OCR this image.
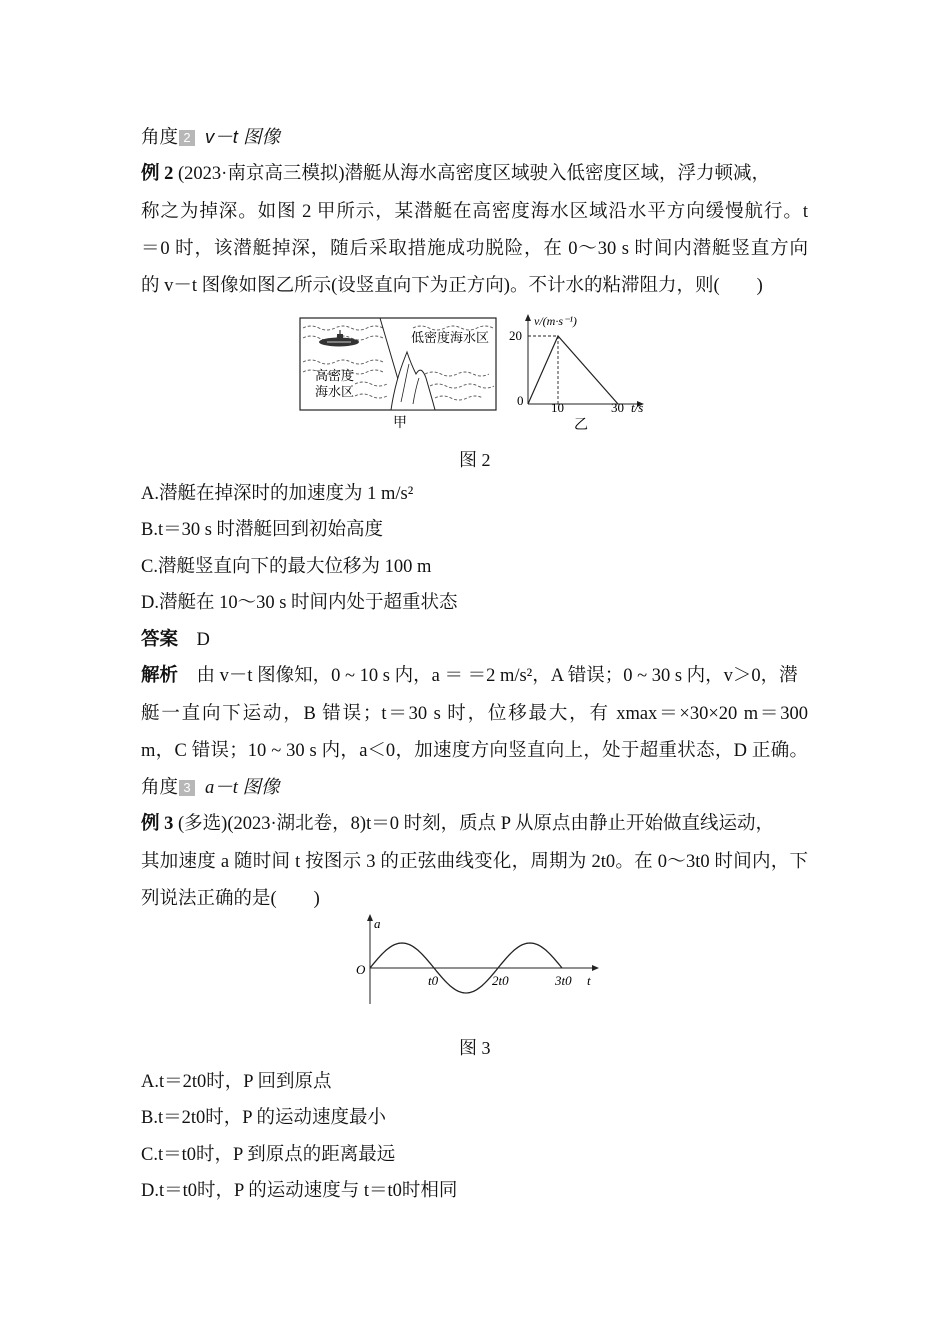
角度 2 v－t 图像
例 2 (2023·南京高三模拟)潜艇从海水高密度区域驶入低密度区域，浮力顿减，
称之为掉深。如图 2 甲所示，某潜艇在高密度海水区域沿水平方向缓慢航行。t
＝0 时，该潜艇掉深，随后采取措施成功脱险，在 0～30 s 时间内潜艇竖直方向
的 v－t 图像如图乙所示(设竖直向下为正方向)。不计水的粘滞阻力，则(　　)
低密度海水区
高密度
海水区
甲
v/(m·s⁻¹)
20
0 10	30 t/s
乙
图 2
A.潜艇在掉深时的加速度为 1 m/s²
B.t＝30 s 时潜艇回到初始高度
C.潜艇竖直向下的最大位移为 100 m
D.潜艇在 10～30 s 时间内处于超重状态
答案 D
解析 由 v－t 图像知，0 ~ 10 s 内，a ＝ ＝2 m/s²，A 错误；0 ~ 30 s 内，v＞0，潜
艇一直向下运动，B 错误；t＝30 s 时，位移最大，有 xmax＝×30×20 m＝300
m，C 错误；10 ~ 30 s 内，a＜0，加速度方向竖直向上，处于超重状态，D 正确。
角度 3 a－t 图像
例 3 (多选)(2023·湖北卷，8)t＝0 时刻，质点 P 从原点由静止开始做直线运动，
其加速度 a 随时间 t 按图示 3 的正弦曲线变化，周期为 2t0。在 0～3t0 时间内，下
列说法正确的是(　　)
a
O
t0	2t0	3t0 t
图 3
A.t＝2t0时，P 回到原点
B.t＝2t0时，P 的运动速度最小
C.t＝t0时，P 到原点的距离最远
D.t＝t0时，P 的运动速度与 t＝t0时相同
